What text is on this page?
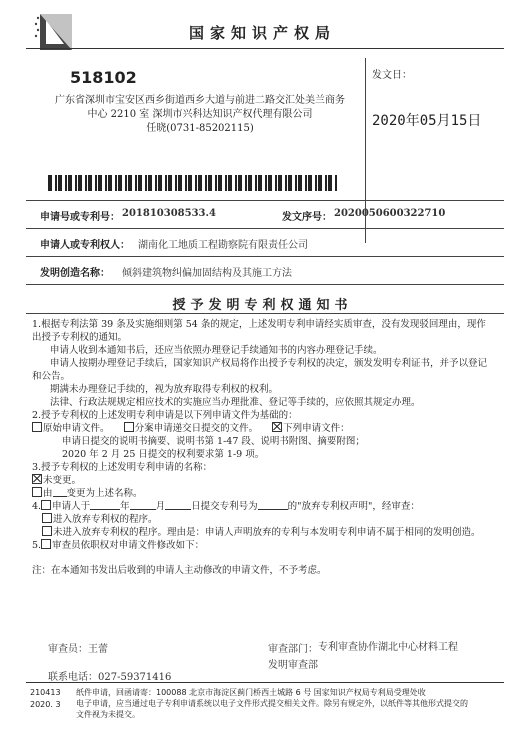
国家知识产权局
518102
广东省深圳市宝安区西乡街道西乡大道与前进二路交汇处美兰商务
中心 2210 室 深圳市兴科达知识产权代理有限公司
任晓(0731-85202115)
发文日：
2020年05月15日
申请号或专利号： 201810308533.4	发文序号： 2020050600322710
申请人或专利权人： 湖南化工地质工程勘察院有限责任公司
发明创造名称： 倾斜建筑物纠偏加固结构及其施工方法
授予发明专利权通知书
1.根据专利法第 39 条及实施细则第 54 条的规定，上述发明专利申请经实质审查，没有发现驳回理由，现作
出授予专利权的通知。
申请人收到本通知书后，还应当依照办理登记手续通知书的内容办理登记手续。
申请人按期办理登记手续后，国家知识产权局将作出授予专利权的决定，颁发发明专利证书，并予以登记
和公告。
期满未办理登记手续的，视为放弃取得专利权的权利。
法律、行政法规规定相应技术的实施应当办理批准、登记等手续的，应依照其规定办理。
2.授予专利权的上述发明专利申请是以下列申请文件为基础的：
原始申请文件。	分案申请递交日提交的文件。	下列申请文件：
申请日提交的说明书摘要、说明书第 1-47 段、说明书附图、摘要附图；
2020 年 2 月 25 日提交的权利要求第 1-9 项。
3.授予专利权的上述发明专利申请的名称：
未变更。
由 变更为上述名称。
4. 申请人于	年	月	日提交专利号为	的"放弃专利权声明"，经审查：
进入放弃专利权的程序。
未进入放弃专利权的程序。理由是：申请人声明放弃的专利与本发明专利申请不属于相同的发明创造。
5. 审查员依职权对申请文件修改如下：
注：在本通知书发出后收到的申请人主动修改的申请文件，不予考虑。
审查员：王蕾	审查部门： 专利审查协作湖北中心材料工程
发明审查部
联系电话：027-59371416
210413
2020. 3
纸件申请，回函请寄：100088 北京市海淀区蓟门桥西土城路 6 号 国家知识产权局专利局受理处收
电子申请，应当通过电子专利申请系统以电子文件形式提交相关文件。除另有规定外，以纸件等其他形式提交的
文件视为未提交。
